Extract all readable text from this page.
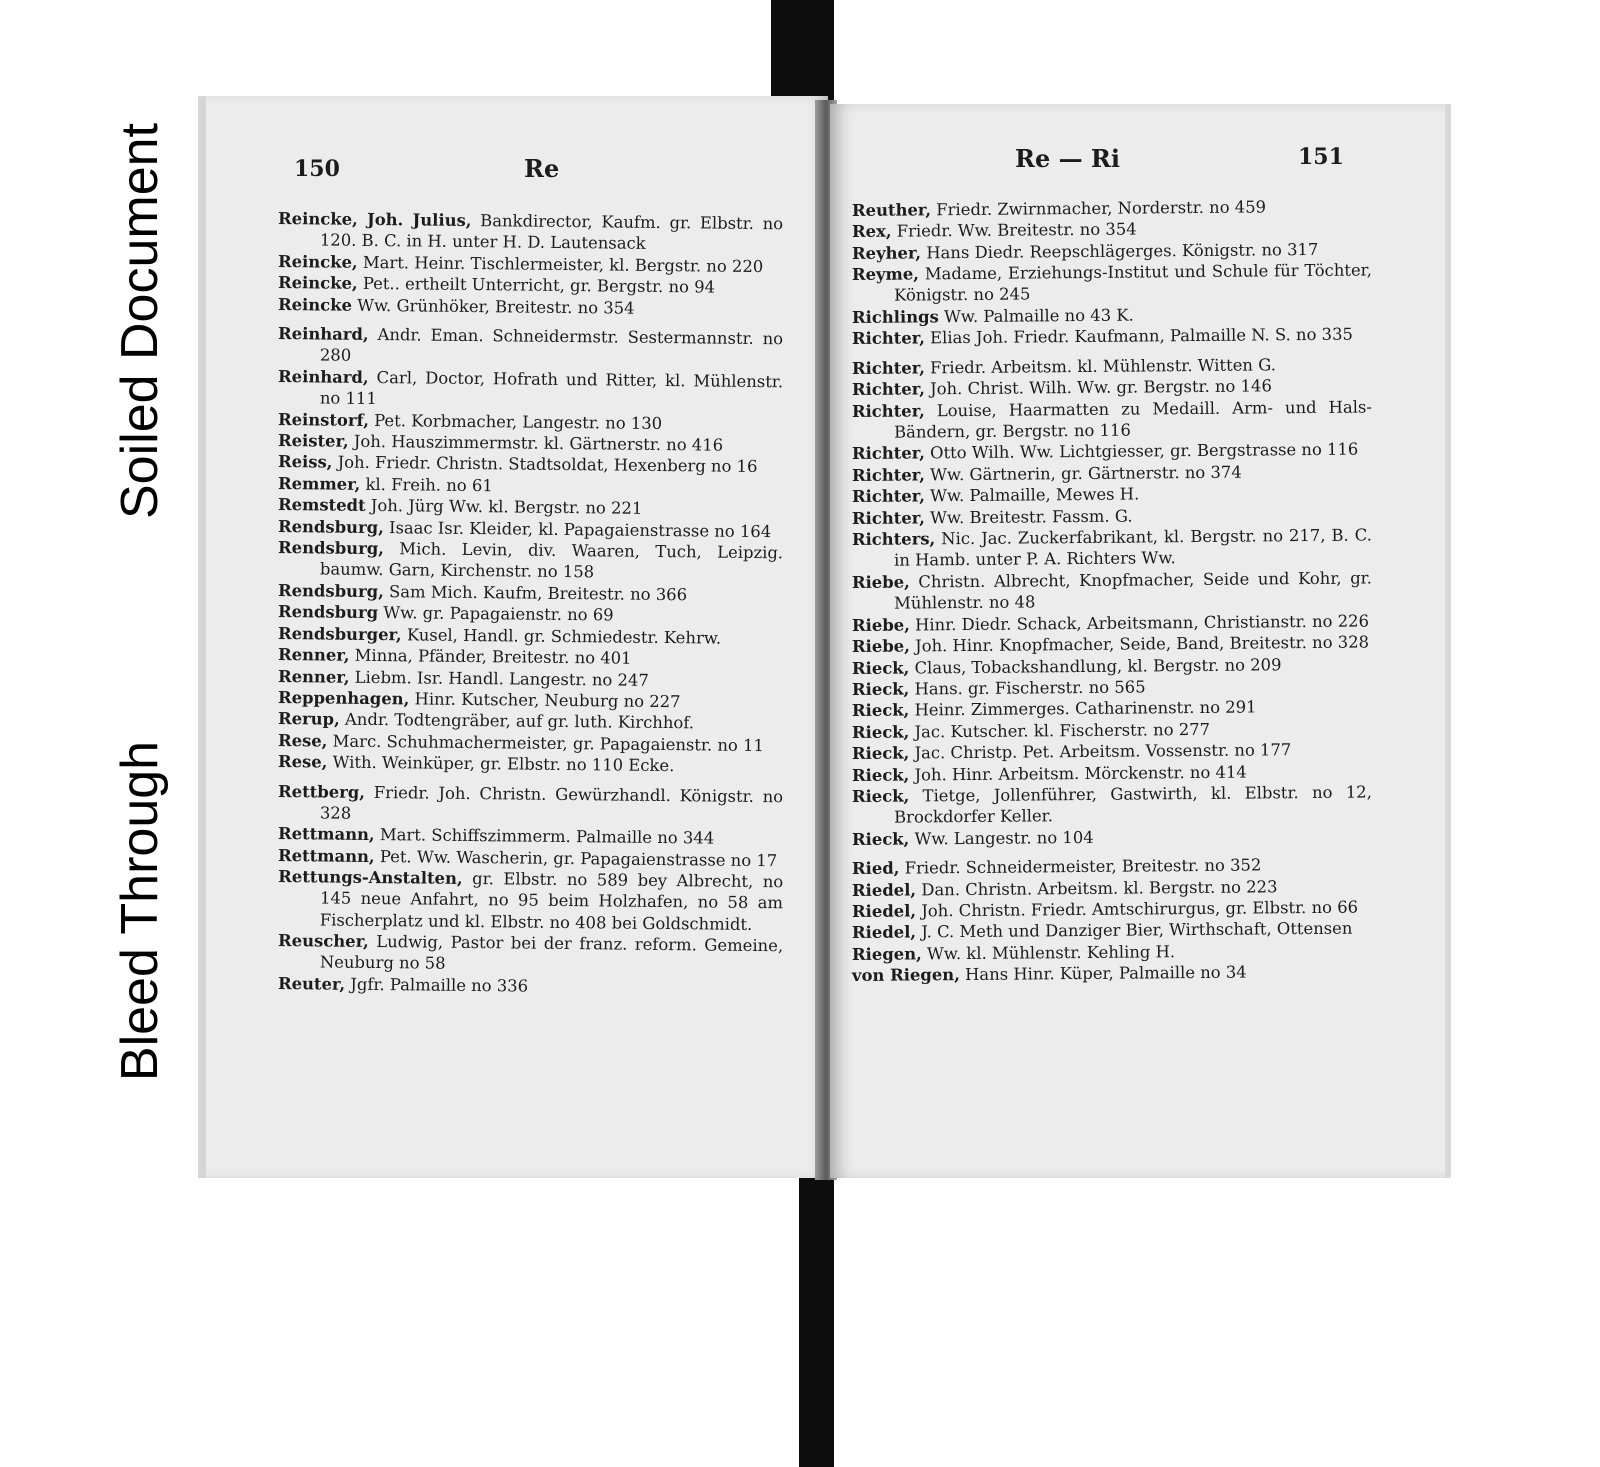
Soiled Document
Bleed Through
150	Re

Reincke, Joh. Julius, Bankdirector, Kaufm. gr. Elbstr. no 120. B. C. in H. unter H. D. Lautensack

Reincke, Mart. Heinr. Tischlermeister, kl. Bergstr. no 220

Reincke, Pet.. ertheilt Unterricht, gr. Bergstr. no 94

Reincke Ww. Grünhöker, Breitestr. no 354

Reinhard, Andr. Eman. Schneidermstr. Sestermannstr. no 280

Reinhard, Carl, Doctor, Hofrath und Ritter, kl. Mühlenstr. no 111

Reinstorf, Pet. Korbmacher, Langestr. no 130

Reister, Joh. Hauszimmermstr. kl. Gärtnerstr. no 416

Reiss, Joh. Friedr. Christn. Stadtsoldat, Hexenberg no 16

Remmer, kl. Freih. no 61

Remstedt Joh. Jürg Ww. kl. Bergstr. no 221

Rendsburg, Isaac Isr. Kleider, kl. Papagaienstrasse no 164

Rendsburg, Mich. Levin, div. Waaren, Tuch, Leipzig. baumw. Garn, Kirchenstr. no 158

Rendsburg, Sam Mich. Kaufm, Breitestr. no 366

Rendsburg Ww. gr. Papagaienstr. no 69

Rendsburger, Kusel, Handl. gr. Schmiedestr. Kehrw.

Renner, Minna, Pfänder, Breitestr. no 401

Renner, Liebm. Isr. Handl. Langestr. no 247

Reppenhagen, Hinr. Kutscher, Neuburg no 227

Rerup, Andr. Todtengräber, auf gr. luth. Kirchhof.

Rese, Marc. Schuhmachermeister, gr. Papagaienstr. no 11

Rese, With. Weinküper, gr. Elbstr. no 110 Ecke.

Rettberg, Friedr. Joh. Christn. Gewürzhandl. Königstr. no 328

Rettmann, Mart. Schiffszimmerm. Palmaille no 344

Rettmann, Pet. Ww. Wascherin, gr. Papagaienstrasse no 17

Rettungs-Anstalten, gr. Elbstr. no 589 bey Albrecht, no 145 neue Anfahrt, no 95 beim Holzhafen, no 58 am Fischerplatz und kl. Elbstr. no 408 bei Goldschmidt.

Reuscher, Ludwig, Pastor bei der franz. reform. Gemeine, Neuburg no 58

Reuter, Jgfr. Palmaille no 336

Re — Ri	151

Reuther, Friedr. Zwirnmacher, Norderstr. no 459

Rex, Friedr. Ww. Breitestr. no 354

Reyher, Hans Diedr. Reepschlägerges. Königstr. no 317

Reyme, Madame, Erziehungs-Institut und Schule für Töchter, Königstr. no 245

Richlings Ww. Palmaille no 43 K.

Richter, Elias Joh. Friedr. Kaufmann, Palmaille N. S. no 335

Richter, Friedr. Arbeitsm. kl. Mühlenstr. Witten G.

Richter, Joh. Christ. Wilh. Ww. gr. Bergstr. no 146

Richter, Louise, Haarmatten zu Medaill. Arm- und Hals-Bändern, gr. Bergstr. no 116

Richter, Otto Wilh. Ww. Lichtgiesser, gr. Bergstrasse no 116

Richter, Ww. Gärtnerin, gr. Gärtnerstr. no 374

Richter, Ww. Palmaille, Mewes H.

Richter, Ww. Breitestr. Fassm. G.

Richters, Nic. Jac. Zuckerfabrikant, kl. Bergstr. no 217, B. C. in Hamb. unter P. A. Richters Ww.

Riebe, Christn. Albrecht, Knopfmacher, Seide und Kohr, gr. Mühlenstr. no 48

Riebe, Hinr. Diedr. Schack, Arbeitsmann, Christianstr. no 226

Riebe, Joh. Hinr. Knopfmacher, Seide, Band, Breitestr. no 328

Rieck, Claus, Tobackshandlung, kl. Bergstr. no 209

Rieck, Hans. gr. Fischerstr. no 565

Rieck, Heinr. Zimmerges. Catharinenstr. no 291

Rieck, Jac. Kutscher. kl. Fischerstr. no 277

Rieck, Jac. Christp. Pet. Arbeitsm. Vossenstr. no 177

Rieck, Joh. Hinr. Arbeitsm. Mörckenstr. no 414

Rieck, Tietge, Jollenführer, Gastwirth, kl. Elbstr. no 12, Brockdorfer Keller.

Rieck, Ww. Langestr. no 104

Ried, Friedr. Schneidermeister, Breitestr. no 352

Riedel, Dan. Christn. Arbeitsm. kl. Bergstr. no 223

Riedel, Joh. Christn. Friedr. Amtschirurgus, gr. Elbstr. no 66

Riedel, J. C. Meth und Danziger Bier, Wirthschaft, Ottensen

Riegen, Ww. kl. Mühlenstr. Kehling H.

von Riegen, Hans Hinr. Küper, Palmaille no 34
